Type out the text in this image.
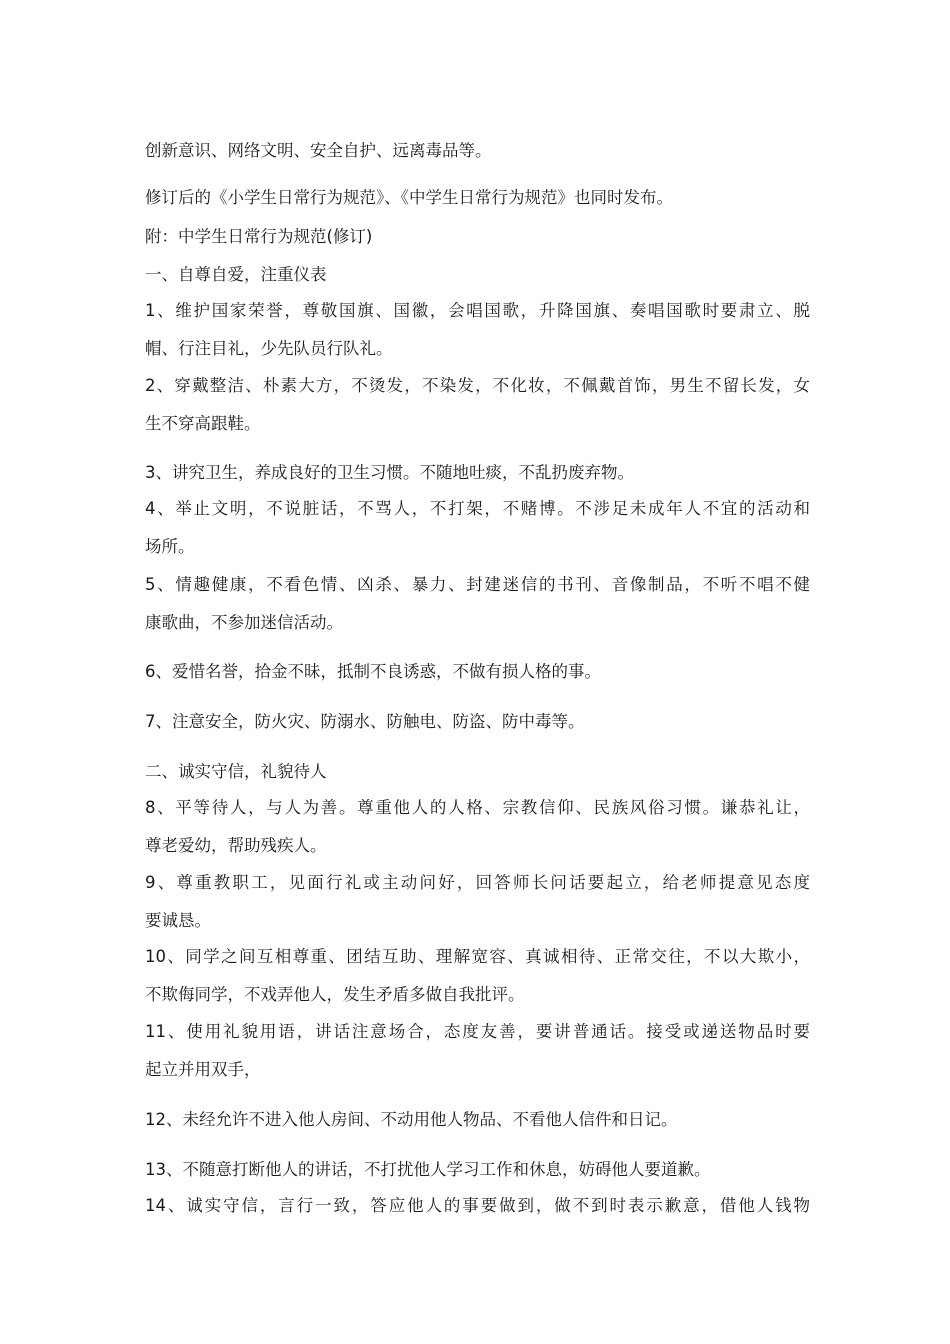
创新意识、网络文明、安全自护、远离毒品等。
修订后的《小学生日常行为规范》、《中学生日常行为规范》也同时发布。
附：中学生日常行为规范(修订)
一、自尊自爱，注重仪表
1、维护国家荣誉，尊敬国旗、国徽，会唱国歌，升降国旗、奏唱国歌时要肃立、脱
帽、行注目礼，少先队员行队礼。
2、穿戴整洁、朴素大方，不烫发，不染发，不化妆，不佩戴首饰，男生不留长发，女
生不穿高跟鞋。
3、讲究卫生，养成良好的卫生习惯。不随地吐痰，不乱扔废弃物。
4、举止文明，不说脏话，不骂人，不打架，不赌博。不涉足未成年人不宜的活动和
场所。
5、情趣健康，不看色情、凶杀、暴力、封建迷信的书刊、音像制品，不听不唱不健
康歌曲，不参加迷信活动。
6、爱惜名誉，拾金不昧，抵制不良诱惑，不做有损人格的事。
7、注意安全，防火灾、防溺水、防触电、防盗、防中毒等。
二、诚实守信，礼貌待人
8、平等待人，与人为善。尊重他人的人格、宗教信仰、民族风俗习惯。谦恭礼让，
尊老爱幼，帮助残疾人。
9、尊重教职工，见面行礼或主动问好，回答师长问话要起立，给老师提意见态度
要诚恳。
10、同学之间互相尊重、团结互助、理解宽容、真诚相待、正常交往，不以大欺小，
不欺侮同学，不戏弄他人，发生矛盾多做自我批评。
11、使用礼貌用语，讲话注意场合，态度友善，要讲普通话。接受或递送物品时要
起立并用双手，
12、未经允许不进入他人房间、不动用他人物品、不看他人信件和日记。
13、不随意打断他人的讲话，不打扰他人学习工作和休息，妨碍他人要道歉。
14、诚实守信，言行一致，答应他人的事要做到，做不到时表示歉意，借他人钱物
